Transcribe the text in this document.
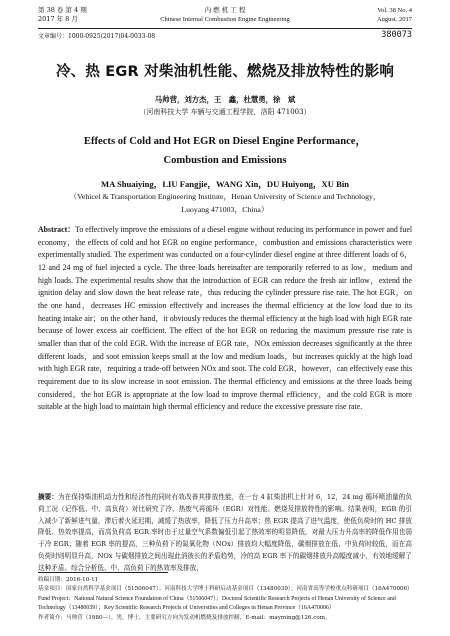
第 38 卷 第 4 期
2017 年 8 月
内 燃 机 工 程
Chinese Internal Combustion Engine Engineering
Vol. 38 No. 4
August. 2017
文章编号：1000-0925(2017)04-0033-08	380073
冷、热 EGR 对柴油机性能、燃烧及排放特性的影响
马帅营，刘方杰，王　鑫，杜慧勇，徐　斌
（河南科技大学 车辆与交通工程学院，洛阳 471003）
Effects of Cold and Hot EGR on Diesel Engine Performance，
Combustion and Emissions
MA Shuaiying，LIU Fangjie，WANG Xin，DU Huiyong，XU Bin
（Vehicel & Transportation Engineering Institute，Henan University of Science and Technology，Luoyang 471003，China）
Abstract：To effectively improve the emissions of a diesel engine without reducing its performance in power and fuel economy，the effects of cold and hot EGR on engine performance，combustion and emissions characteristics were experimentally studied. The experiment was conducted on a four-cylinder diesel engine at three different loads of 6，12 and 24 mg of fuel injected a cycle. The three loads hereinafter are temporarily referred to as low，medium and high loads. The experimental results show that the introduction of EGR can reduce the fresh air inflow，extend the ignition delay and slow down the heat release rate，thus reducing the cylinder pressure rise rate. The hot EGR，on the one hand，decreases HC emission effectively and increases the thermal efficiency at the low load due to its heating intake air；on the other hand，it obviously reduces the thermal efficiency at the high load with high EGR rate because of lower excess air coefficient. The effect of the hot EGR on reducing the maximum pressure rise rate is smaller than that of the cold EGR. With the increase of EGR rate，NOx emission decreases significantly at the three different loads，and soot emission keeps small at the low and medium loads，but increases quickly at the high load with high EGR rate，requiring a trade-off between NOx and soot. The cold EGR，however，can effectively ease this requirement due to its slow increase in soot emission. The thermal efficiency and emissions at the three loads being considered，the hot EGR is appropriate at the low load to improve thermal efficiency，and the cold EGR is more suitable at the high load to maintain high thermal efficiency and reduce the excessive pressure rise rate.
摘要：为在保持柴油机动力性和经济性的同时有效改善其排放性能，在一台 4 缸柴油机上针对 6，12，24 mg 循环喷油量的负荷工况（记作低、中、高负荷）对比研究了冷、热废气再循环（EGR）对性能、燃烧及排放特性的影响。结果表明，EGR 的引入减少了新鲜进气量，滞后着火延迟期，减缓了热放率，降低了压力升高率；热 EGR 提高了进气温度，使低负荷时的 HC 排放降低、热效率提高，而高负荷高 EGR 率时由于过量空气系数偏低引起了热效率的明显降低，对最大压力升高率的降低作用也弱于冷 EGR；随着 EGR 率的提高，三种负荷下的氮氧化物（NOx）排放均大幅度降低，碳烟排放在低、中负荷时较低，而在高负荷时则明显升高，NOx 与碳烟排放之间出现此消彼长的矛盾趋势，冷的高 EGR 率下的碳烟排放升高幅度减小，有效地缓解了这种矛盾。综合分析低、中、高负荷下的热效率及排放，
收稿日期：2016-10-11
基金项目：国家自然科学基金项目（51506047）；河南科技大学博士科研启动基金项目（13480039）；河南省高等学校重点科研项目（16A470006）
Fund Project：National Natural Science Foundation of China（51506047）；Doctoral Scientific Research Projects of Henan University of Science and Technology（13480039）；Key Scientific Research Projects of Universities and Colleges in Henan Province（16A470006）
作者简介：马帅营（1980—），男，博士，主要研究方向为发动机燃烧及排放控制，E-mail：mayming@126.com。
